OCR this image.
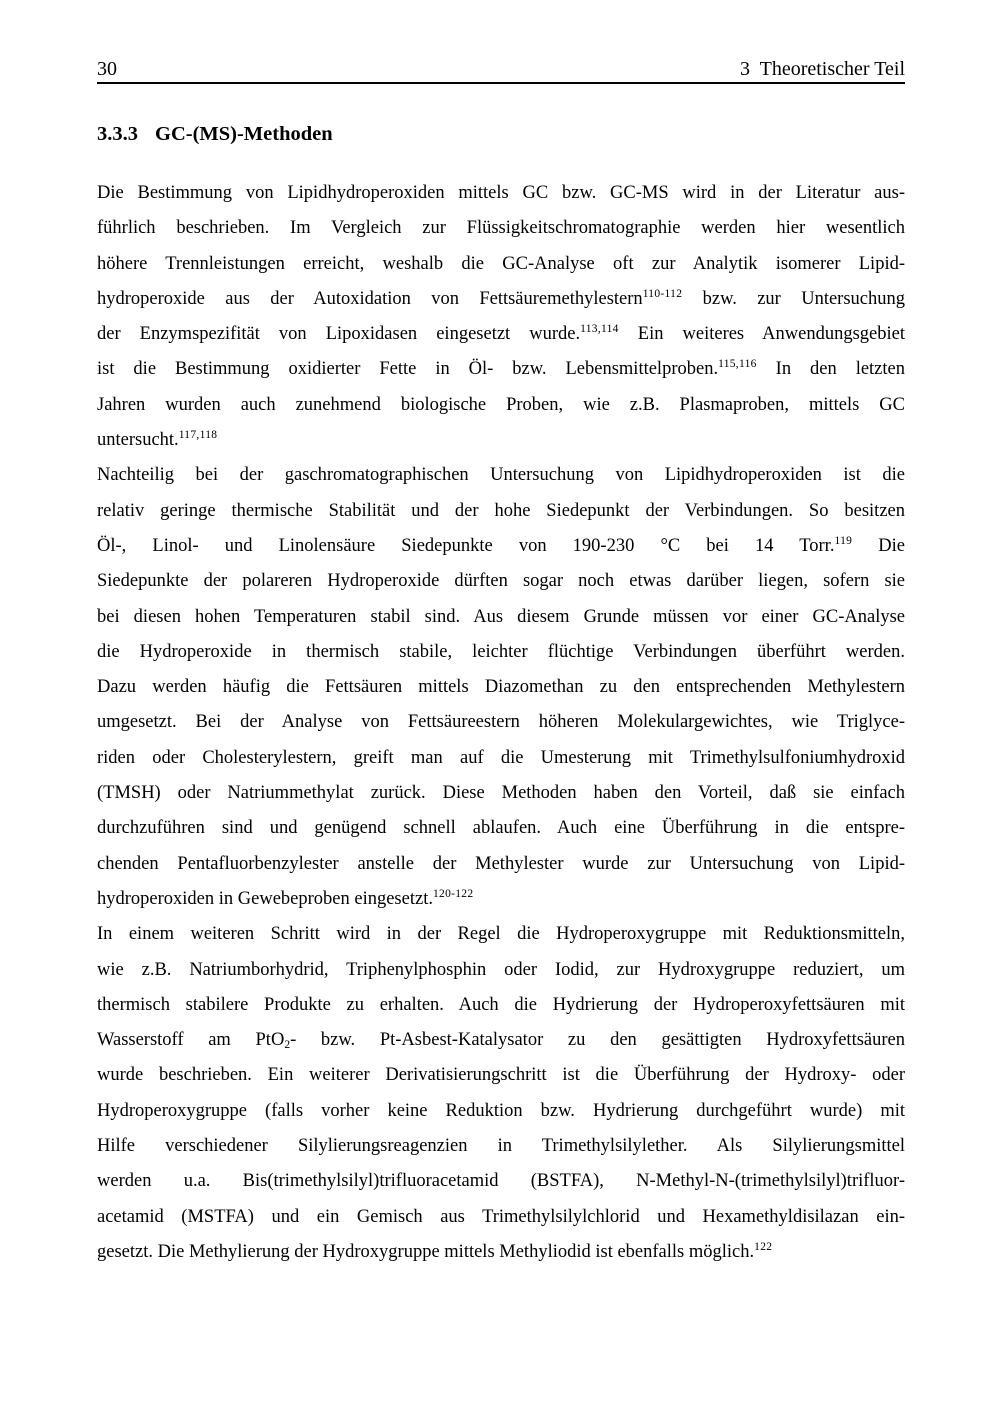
30	3  Theoretischer Teil
3.3.3 GC-(MS)-Methoden
Die Bestimmung von Lipidhydroperoxiden mittels GC bzw. GC-MS wird in der Literatur aus-
führlich beschrieben. Im Vergleich zur Flüssigkeitschromatographie werden hier wesentlich
höhere Trennleistungen erreicht, weshalb die GC-Analyse oft zur Analytik isomerer Lipid-
hydroperoxide aus der Autoxidation von Fettsäuremethylestern$^{110-112}$ bzw. zur Untersuchung
der Enzymspezifität von Lipoxidasen eingesetzt wurde.$^{113,114}$ Ein weiteres Anwendungsgebiet
ist die Bestimmung oxidierter Fette in Öl- bzw. Lebensmittelproben.$^{115,116}$ In den letzten
Jahren wurden auch zunehmend biologische Proben, wie z.B. Plasmaproben, mittels GC
untersucht.$^{117,118}$
Nachteilig bei der gaschromatographischen Untersuchung von Lipidhydroperoxiden ist die
relativ geringe thermische Stabilität und der hohe Siedepunkt der Verbindungen. So besitzen
Öl-, Linol- und Linolensäure Siedepunkte von 190-230 °C bei 14 Torr.$^{119}$ Die
Siedepunkte der polareren Hydroperoxide dürften sogar noch etwas darüber liegen, sofern sie
bei diesen hohen Temperaturen stabil sind. Aus diesem Grunde müssen vor einer GC-Analyse
die Hydroperoxide in thermisch stabile, leichter flüchtige Verbindungen überführt werden.
Dazu werden häufig die Fettsäuren mittels Diazomethan zu den entsprechenden Methylestern
umgesetzt. Bei der Analyse von Fettsäureestern höheren Molekulargewichtes, wie Triglyce-
riden oder Cholesterylestern, greift man auf die Umesterung mit Trimethylsulfoniumhydroxid
(TMSH) oder Natriummethylat zurück. Diese Methoden haben den Vorteil, daß sie einfach
durchzuführen sind und genügend schnell ablaufen. Auch eine Überführung in die entspre-
chenden Pentafluorbenzylester anstelle der Methylester wurde zur Untersuchung von Lipid-
hydroperoxiden in Gewebeproben eingesetzt.$^{120-122}$
In einem weiteren Schritt wird in der Regel die Hydroperoxygruppe mit Reduktionsmitteln,
wie z.B. Natriumborhydrid, Triphenylphosphin oder Iodid, zur Hydroxygruppe reduziert, um
thermisch stabilere Produkte zu erhalten. Auch die Hydrierung der Hydroperoxyfettsäuren mit
Wasserstoff am PtO$_2$- bzw. Pt-Asbest-Katalysator zu den gesättigten Hydroxyfettsäuren
wurde beschrieben. Ein weiterer Derivatisierungschritt ist die Überführung der Hydroxy- oder
Hydroperoxygruppe (falls vorher keine Reduktion bzw. Hydrierung durchgeführt wurde) mit
Hilfe verschiedener Silylierungsreagenzien in Trimethylsilylether. Als Silylierungsmittel
werden u.a. Bis(trimethylsilyl)trifluoracetamid (BSTFA), N-Methyl-N-(trimethylsilyl)trifluor-
acetamid (MSTFA) und ein Gemisch aus Trimethylsilylchlorid und Hexamethyldisilazan ein-
gesetzt. Die Methylierung der Hydroxygruppe mittels Methyliodid ist ebenfalls möglich.$^{122}$
